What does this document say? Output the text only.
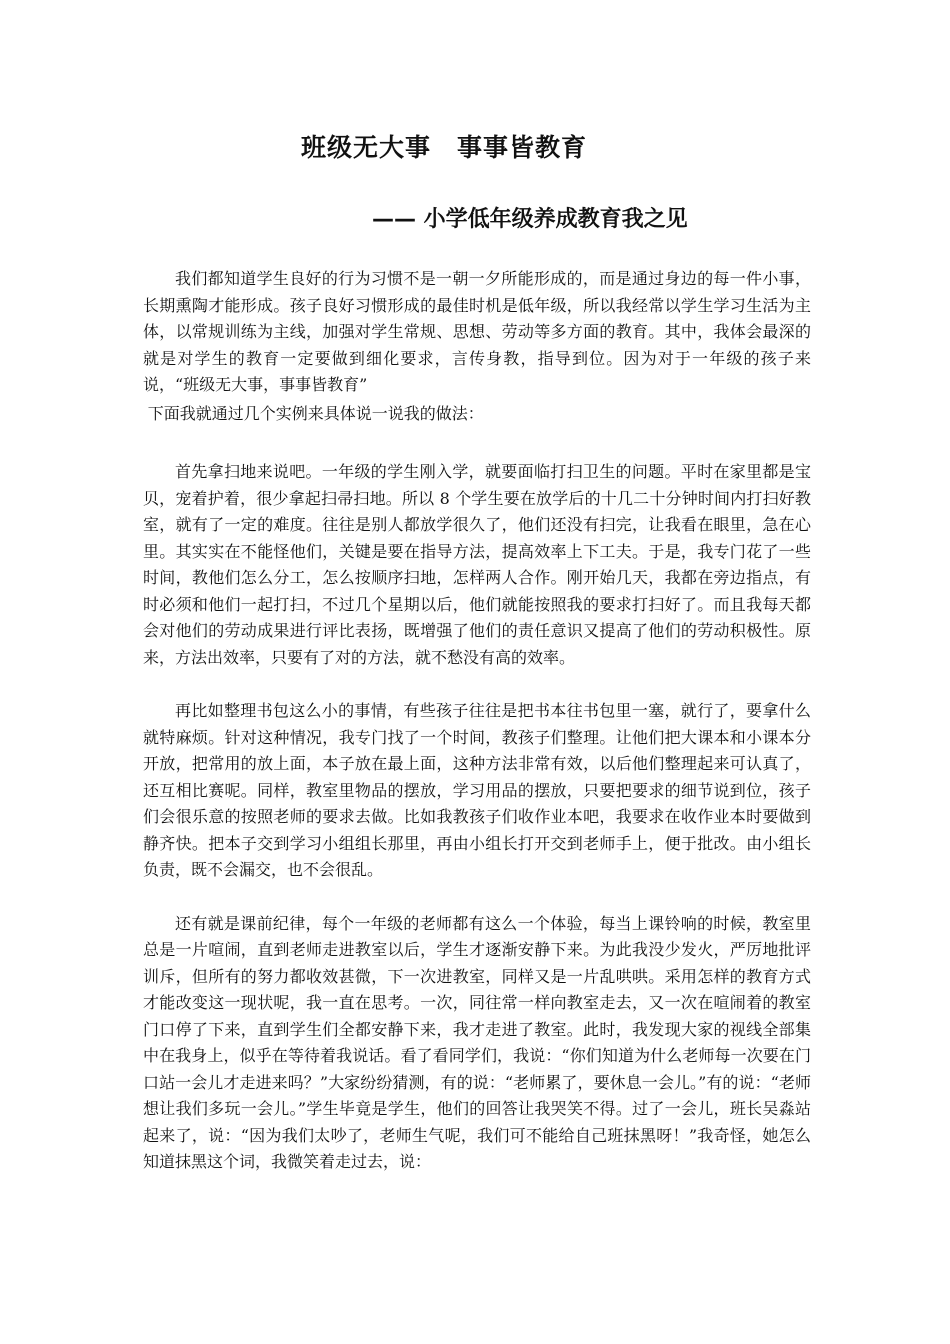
班级无大事　事事皆教育
—— 小学低年级养成教育我之见

我们都知道学生良好的行为习惯不是一朝一夕所能形成的，而是通过身边的每一件小事，长期熏陶才能形成。孩子良好习惯形成的最佳时机是低年级，所以我经常以学生学习生活为主体，以常规训练为主线，加强对学生常规、思想、劳动等多方面的教育。其中，我体会最深的就是对学生的教育一定要做到细化要求，言传身教，指导到位。因为对于一年级的孩子来说，“班级无大事，事事皆教育”

下面我就通过几个实例来具体说一说我的做法：

首先拿扫地来说吧。一年级的学生刚入学，就要面临打扫卫生的问题。平时在家里都是宝贝，宠着护着，很少拿起扫帚扫地。所以 8 个学生要在放学后的十几二十分钟时间内打扫好教室，就有了一定的难度。往往是别人都放学很久了，他们还没有扫完，让我看在眼里，急在心里。其实实在不能怪他们，关键是要在指导方法，提高效率上下工夫。于是，我专门花了一些时间，教他们怎么分工，怎么按顺序扫地，怎样两人合作。刚开始几天，我都在旁边指点，有时必须和他们一起打扫，不过几个星期以后，他们就能按照我的要求打扫好了。而且我每天都会对他们的劳动成果进行评比表扬，既增强了他们的责任意识又提高了他们的劳动积极性。原来，方法出效率，只要有了对的方法，就不愁没有高的效率。

再比如整理书包这么小的事情，有些孩子往往是把书本往书包里一塞，就行了，要拿什么就特麻烦。针对这种情况，我专门找了一个时间，教孩子们整理。让他们把大课本和小课本分开放，把常用的放上面，本子放在最上面，这种方法非常有效，以后他们整理起来可认真了，还互相比赛呢。同样，教室里物品的摆放，学习用品的摆放，只要把要求的细节说到位，孩子们会很乐意的按照老师的要求去做。比如我教孩子们收作业本吧，我要求在收作业本时要做到静齐快。把本子交到学习小组组长那里，再由小组长打开交到老师手上，便于批改。由小组长负责，既不会漏交，也不会很乱。

还有就是课前纪律，每个一年级的老师都有这么一个体验，每当上课铃响的时候，教室里总是一片喧闹，直到老师走进教室以后，学生才逐渐安静下来。为此我没少发火，严厉地批评训斥，但所有的努力都收效甚微，下一次进教室，同样又是一片乱哄哄。采用怎样的教育方式才能改变这一现状呢，我一直在思考。一次，同往常一样向教室走去，又一次在喧闹着的教室门口停了下来，直到学生们全都安静下来，我才走进了教室。此时，我发现大家的视线全部集中在我身上，似乎在等待着我说话。看了看同学们，我说：“你们知道为什么老师每一次要在门口站一会儿才走进来吗？”大家纷纷猜测，有的说：“老师累了，要休息一会儿。”有的说：“老师想让我们多玩一会儿。”学生毕竟是学生，他们的回答让我哭笑不得。过了一会儿，班长吴淼站起来了，说：“因为我们太吵了，老师生气呢，我们可不能给自己班抹黑呀！”我奇怪，她怎么知道抹黑这个词，我微笑着走过去，说：
